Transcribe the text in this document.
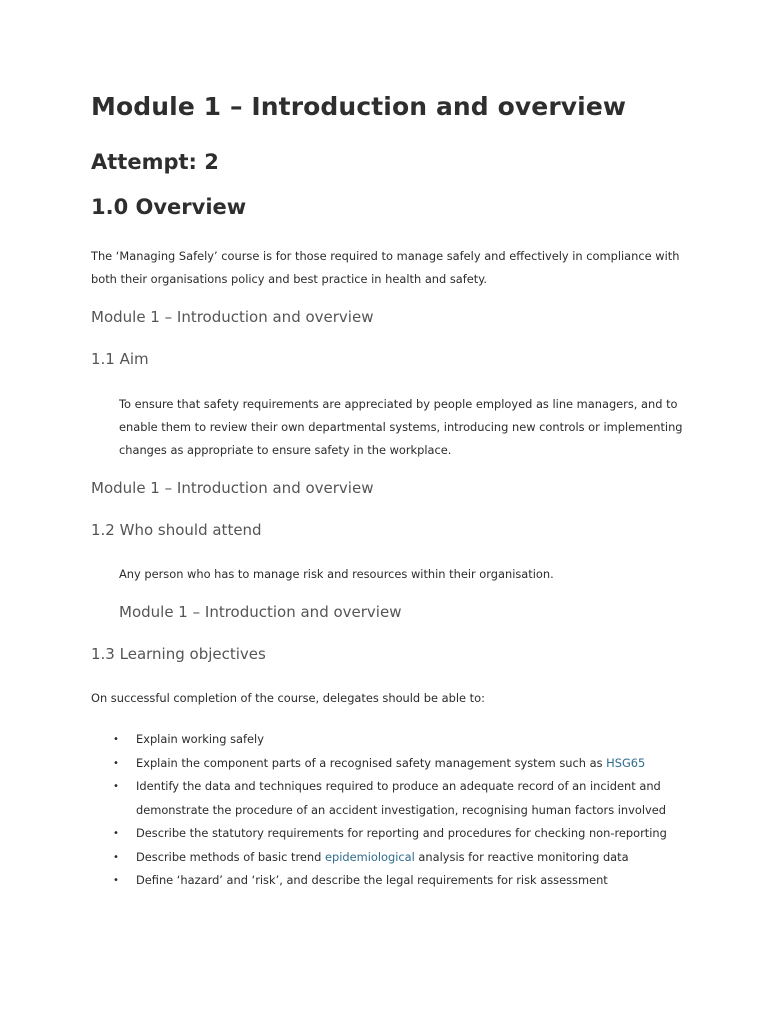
Module 1 – Introduction and overview
Attempt: 2
1.0 Overview

The ‘Managing Safely’ course is for those required to manage safely and effectively in compliance with both their organisations policy and best practice in health and safety.

Module 1 – Introduction and overview
1.1 Aim

To ensure that safety requirements are appreciated by people employed as line managers, and to enable them to review their own departmental systems, introducing new controls or implementing changes as appropriate to ensure safety in the workplace.

Module 1 – Introduction and overview
1.2 Who should attend

Any person who has to manage risk and resources within their organisation.

Module 1 – Introduction and overview
1.3 Learning objectives

On successful completion of the course, delegates should be able to:

• Explain working safely
• Explain the component parts of a recognised safety management system such as HSG65
• Identify the data and techniques required to produce an adequate record of an incident and demonstrate the procedure of an accident investigation, recognising human factors involved
• Describe the statutory requirements for reporting and procedures for checking non-reporting
• Describe methods of basic trend epidemiological analysis for reactive monitoring data
• Define ‘hazard’ and ‘risk’, and describe the legal requirements for risk assessment
